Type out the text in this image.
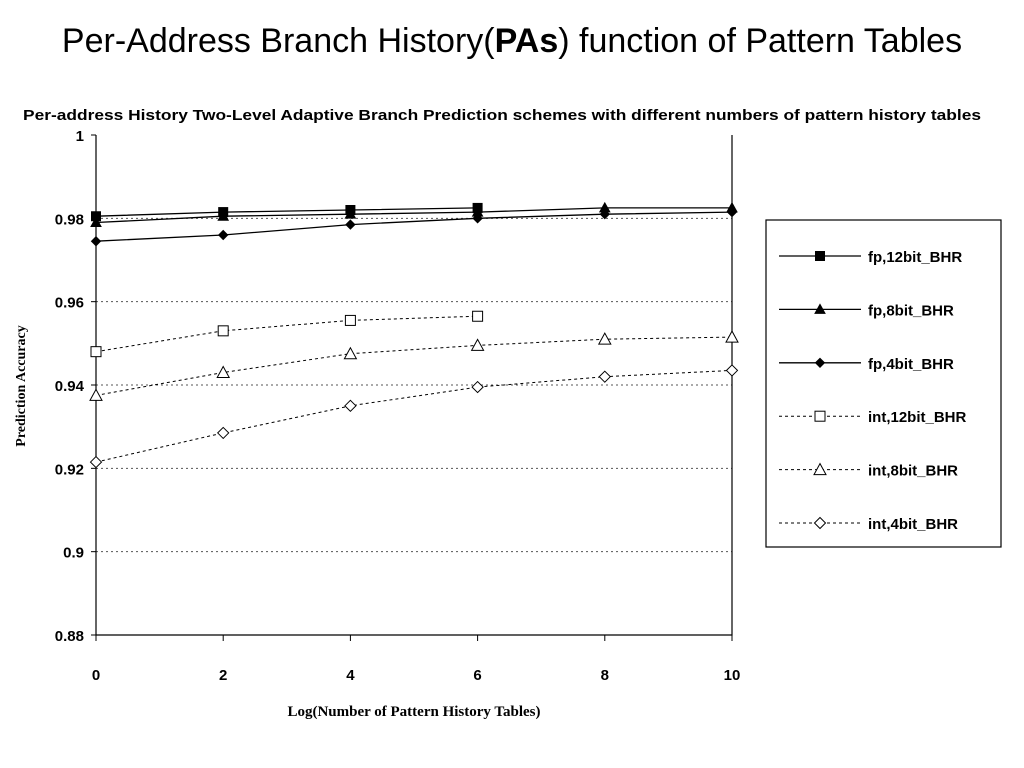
Per-Address Branch History(PAs) function of Pattern Tables
Per-address History Two-Level Adaptive Branch Prediction schemes with different numbers of pattern history tables
0.88
0.9
0.92
0.94
0.96
0.98
1
0	2	4	6	8	10
fp,12bit_BHR
fp,8bit_BHR
fp,4bit_BHR
int,12bit_BHR
int,8bit_BHR
int,4bit_BHR
Log(Number of Pattern History Tables)
Prediction Accuracy
